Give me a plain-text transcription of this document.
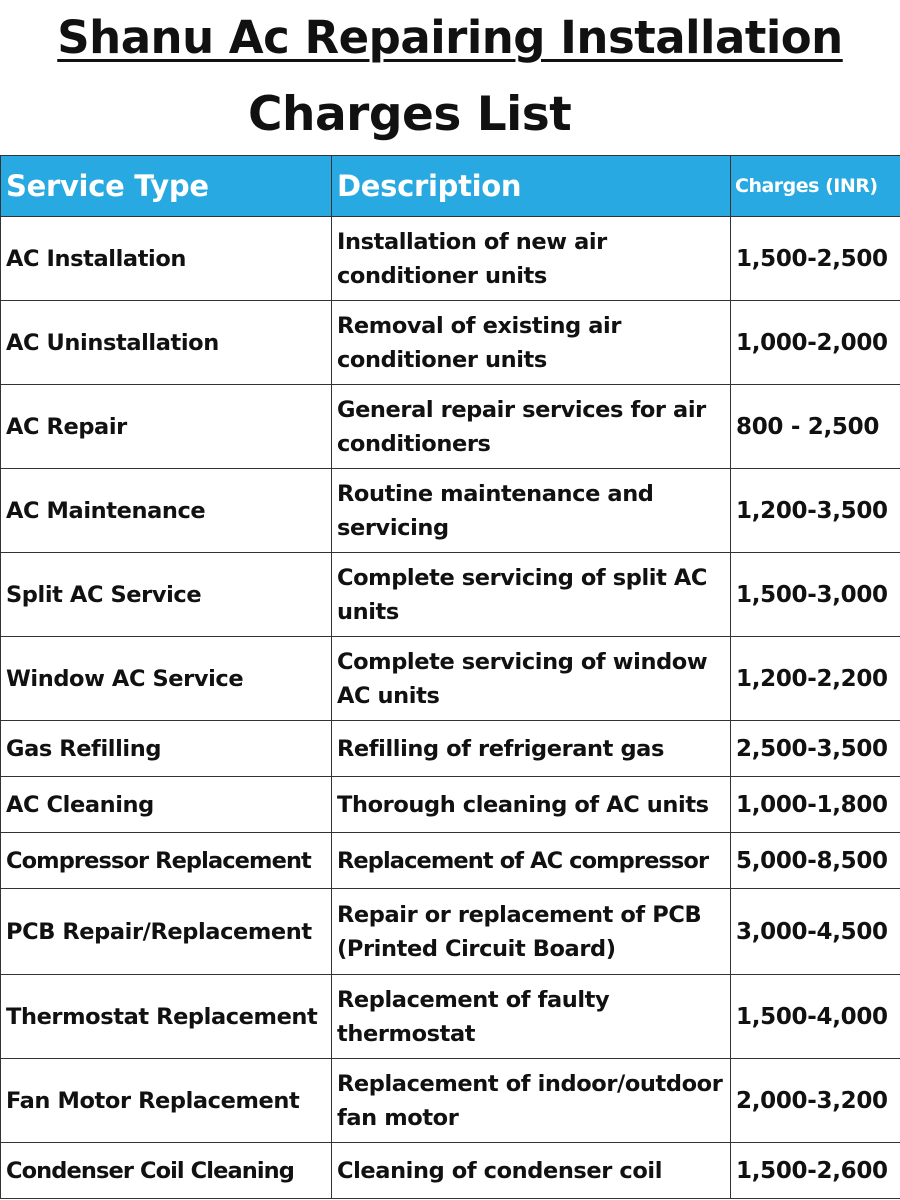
Shanu Ac Repairing Installation
Charges List
Service Type	Description	Charges (INR)
AC Installation	Installation of new air conditioner units	1,500-2,500
AC Uninstallation	Removal of existing air conditioner units	1,000-2,000
AC Repair	General repair services for air conditioners	800 - 2,500
AC Maintenance	Routine maintenance and servicing	1,200-3,500
Split AC Service	Complete servicing of split AC units	1,500-3,000
Window AC Service	Complete servicing of window AC units	1,200-2,200
Gas Refilling	Refilling of refrigerant gas	2,500-3,500
AC Cleaning	Thorough cleaning of AC units	1,000-1,800
Compressor Replacement	Replacement of AC compressor	5,000-8,500
PCB Repair/Replacement	Repair or replacement of PCB (Printed Circuit Board)	3,000-4,500
Thermostat Replacement	Replacement of faulty thermostat	1,500-4,000
Fan Motor Replacement	Replacement of indoor/outdoor fan motor	2,000-3,200
Condenser Coil Cleaning	Cleaning of condenser coil	1,500-2,600
